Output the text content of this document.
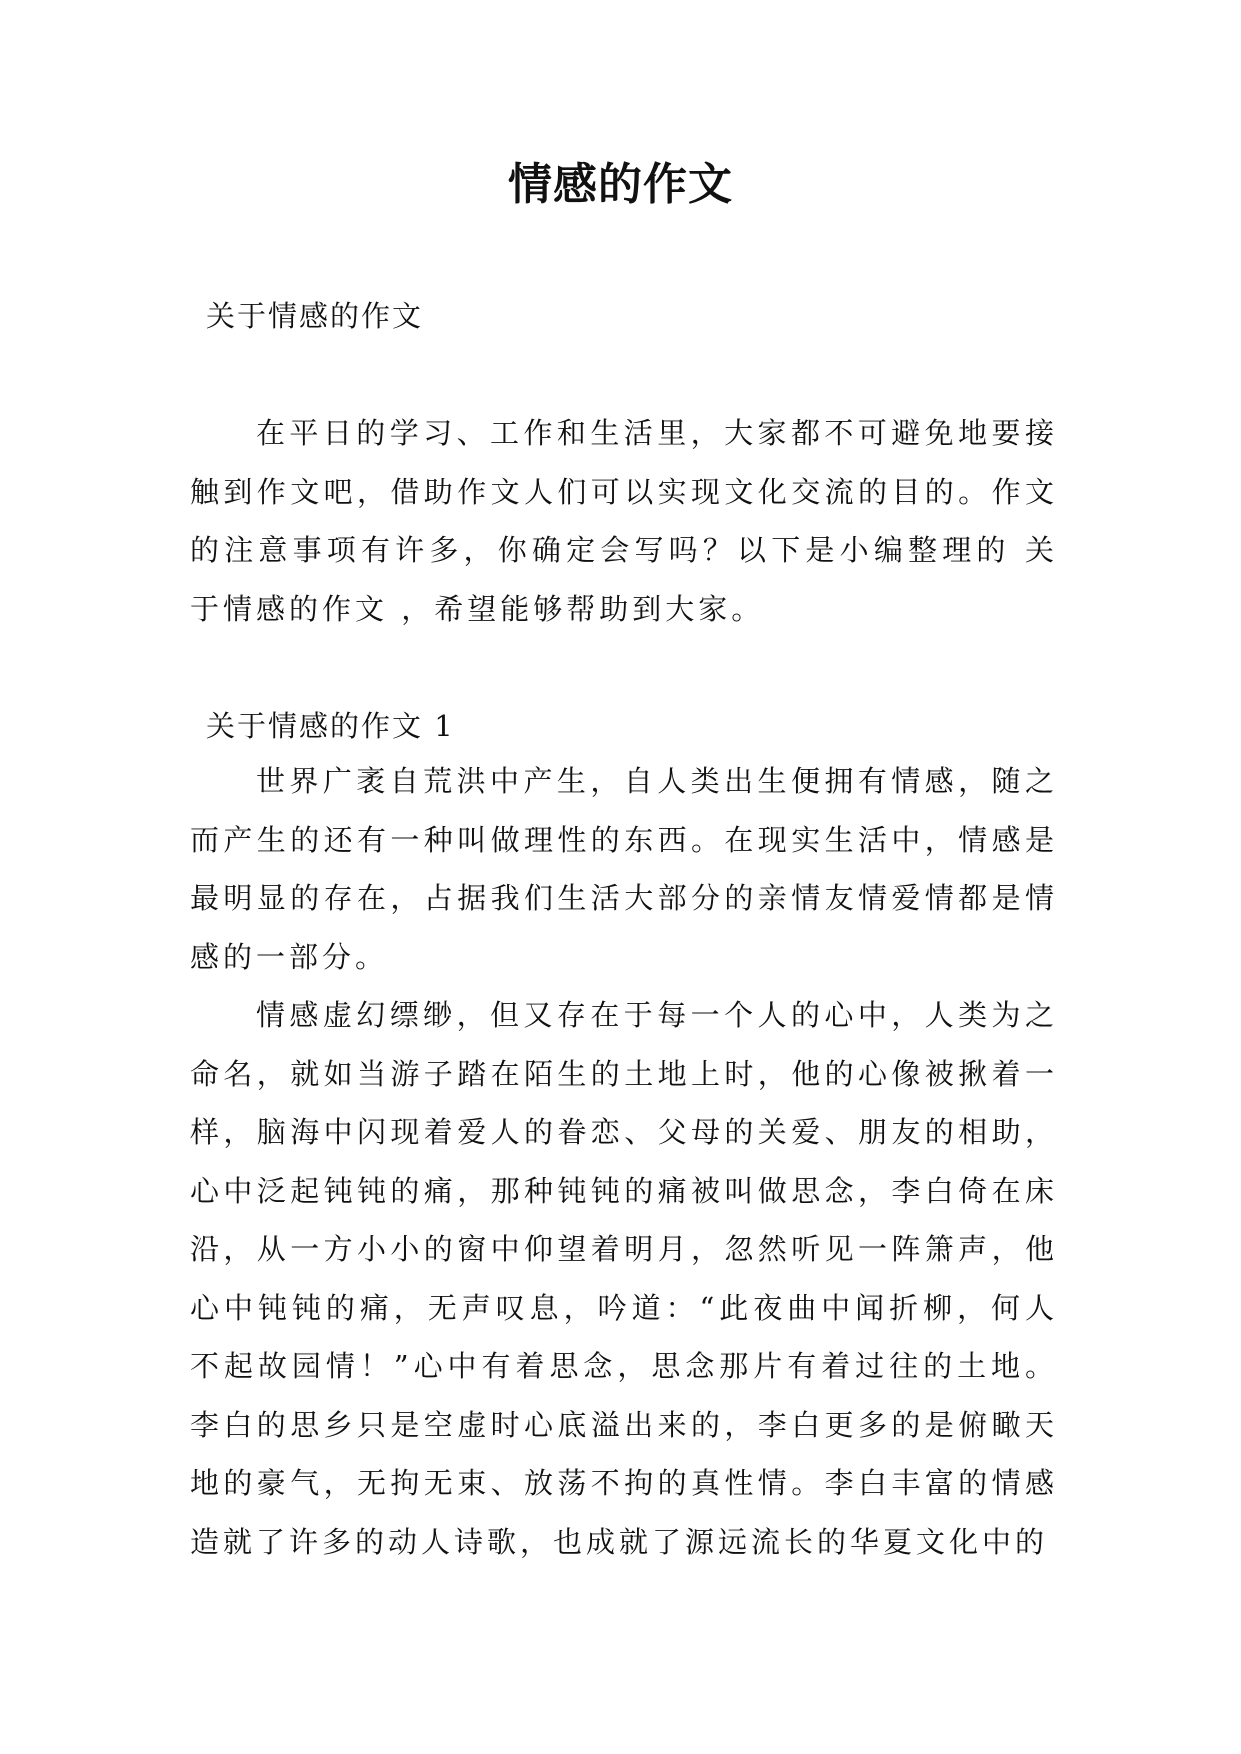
情感的作文

关于情感的作文

在平日的学习、工作和生活里，大家都不可避免地要接触到作文吧，借助作文人们可以实现文化交流的目的。作文的注意事项有许多，你确定会写吗？以下是小编整理的 关于情感的作文 ，希望能够帮助到大家。

关于情感的作文 1

世界广袤自荒洪中产生，自人类出生便拥有情感，随之而产生的还有一种叫做理性的东西。在现实生活中，情感是最明显的存在，占据我们生活大部分的亲情友情爱情都是情感的一部分。

情感虚幻缥缈，但又存在于每一个人的心中，人类为之命名，就如当游子踏在陌生的土地上时，他的心像被揪着一样，脑海中闪现着爱人的眷恋、父母的关爱、朋友的相助，心中泛起钝钝的痛，那种钝钝的痛被叫做思念，李白倚在床沿，从一方小小的窗中仰望着明月，忽然听见一阵箫声，他心中钝钝的痛，无声叹息，吟道：“此夜曲中闻折柳，何人不起故园情！”心中有着思念，思念那片有着过往的土地。李白的思乡只是空虚时心底溢出来的，李白更多的是俯瞰天地的豪气，无拘无束、放荡不拘的真性情。李白丰富的情感造就了许多的动人诗歌，也成就了源远流长的华夏文化中的
